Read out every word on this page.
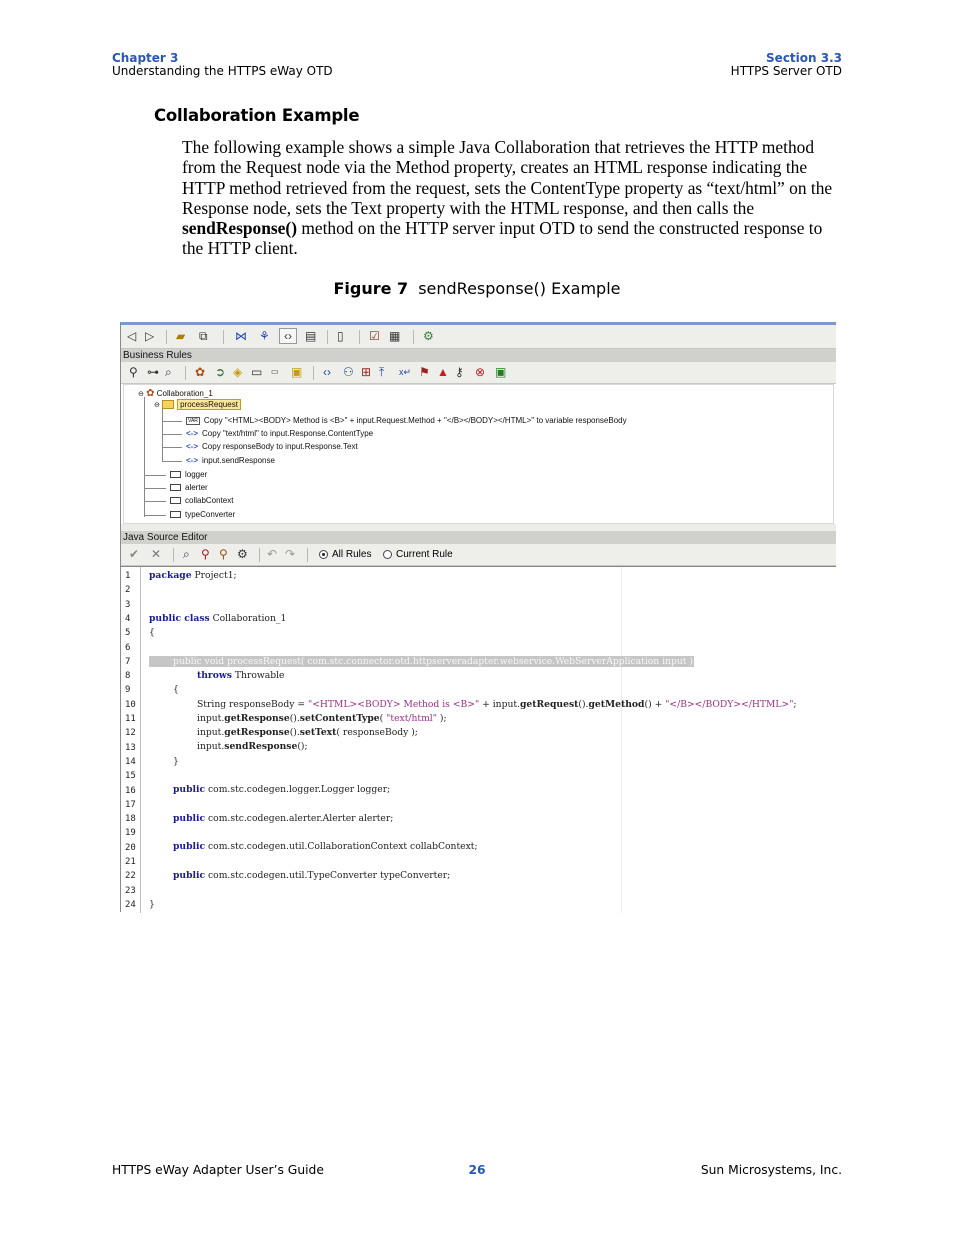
Chapter 3
Understanding the HTTPS eWay OTD
Section 3.3
HTTPS Server OTD
Collaboration Example
The following example shows a simple Java Collaboration that retrieves the HTTP method from the Request node via the Method property, creates an HTML response indicating the HTTP method retrieved from the request, sets the ContentType property as “text/html” on the Response node, sets the Text property with the HTML response, and then calls the sendResponse() method on the HTTP server input OTD to send the constructed response to the HTTP client.
Figure 7 sendResponse() Example
◁ ▷ ▰ ⧉ ⋈ ⚘	‹›	▤ ▯ ☑ ▦ ⚙
Business Rules
⚲ ⊶ ⌕ ✿ ➲ ◈ ▭ ▭ ▣ ‹› ⚇ ⊞ ⤒ x↵ ⚑ ▲ ⚷ ⊗ ▣
⊖ ✿ Collaboration_1
⊖	processRequest
VAR Copy "<HTML><BODY> Method is <B>" + input.Request.Method + "</B></BODY></HTML>" to variable responseBody
<-> Copy "text/html" to input.Response.ContentType
<-> Copy responseBody to input.Response.Text
<-> input.sendResponse
logger
alerter
collabContext
typeConverter
Java Source Editor
✔ ✕ ⌕ ⚲ ⚲ ⚙ ↶ ↷	All Rules Current Rule
1
2
3
4
5
6
7
8
9
10
11
12
13
14
15
16
17
18
19
20
21
22
23
24
package Project1;
public class Collaboration_1
{
public void processRequest( com.stc.connector.otd.httpserveradapter.webservice.WebServerApplication input )
throws Throwable
{
String responseBody = "<HTML><BODY> Method is <B>" + input.getRequest().getMethod() + "</B></BODY></HTML>";
input.getResponse().setContentType( "text/html" );
input.getResponse().setText( responseBody );
input.sendResponse();
}
public com.stc.codegen.logger.Logger logger;
public com.stc.codegen.alerter.Alerter alerter;
public com.stc.codegen.util.CollaborationContext collabContext;
public com.stc.codegen.util.TypeConverter typeConverter;
}
HTTPS eWay Adapter User’s Guide	26	Sun Microsystems, Inc.
